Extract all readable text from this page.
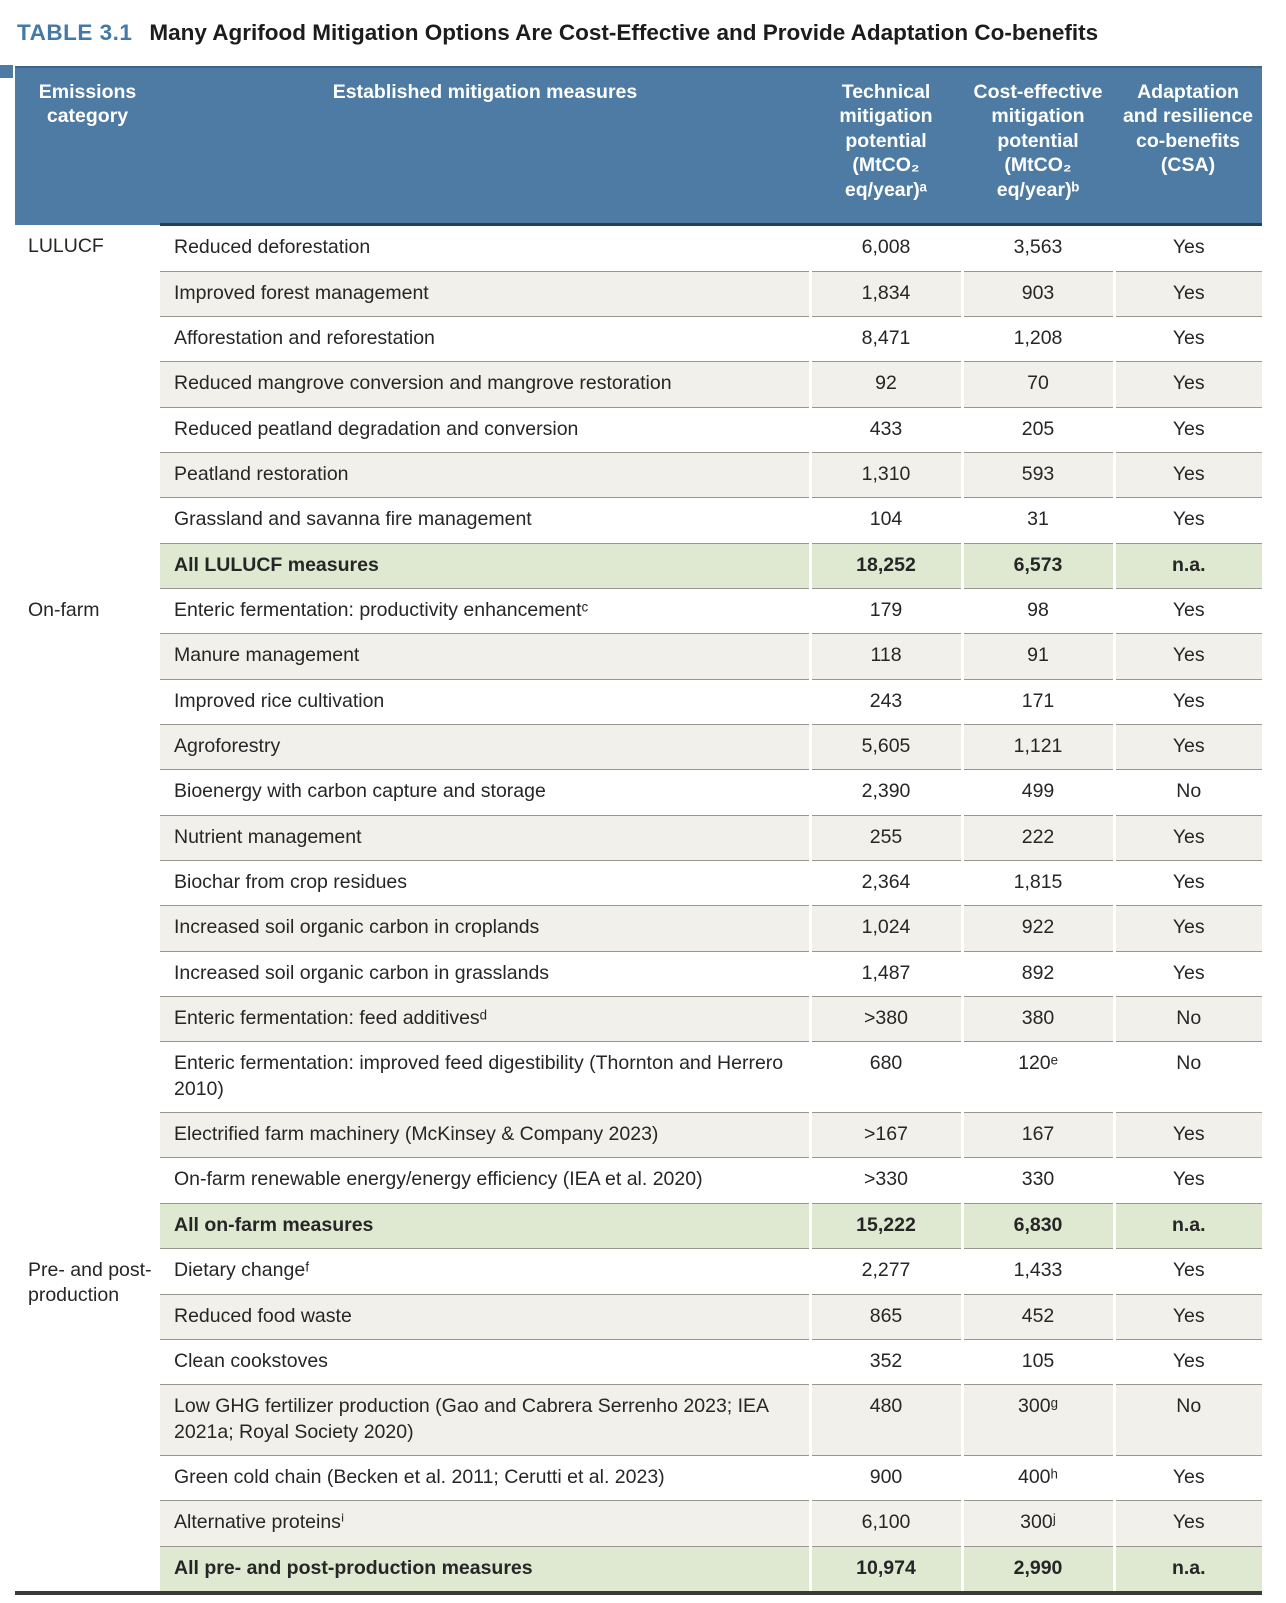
TABLE 3.1 Many Agrifood Mitigation Options Are Cost-Effective and Provide Adaptation Co-benefits
Emissions category	Established mitigation measures	Technical mitigation potential (MtCO₂ eq/year)ᵃ	Cost-effective mitigation potential (MtCO₂ eq/year)ᵇ	Adaptation and resilience co-benefits (CSA)
LULUCF	Reduced deforestation	6,008	3,563	Yes
	Improved forest management	1,834	903	Yes
	Afforestation and reforestation	8,471	1,208	Yes
	Reduced mangrove conversion and mangrove restoration	92	70	Yes
	Reduced peatland degradation and conversion	433	205	Yes
	Peatland restoration	1,310	593	Yes
	Grassland and savanna fire management	104	31	Yes
	All LULUCF measures	18,252	6,573	n.a.
On-farm	Enteric fermentation: productivity enhancementᶜ	179	98	Yes
	Manure management	118	91	Yes
	Improved rice cultivation	243	171	Yes
	Agroforestry	5,605	1,121	Yes
	Bioenergy with carbon capture and storage	2,390	499	No
	Nutrient management	255	222	Yes
	Biochar from crop residues	2,364	1,815	Yes
	Increased soil organic carbon in croplands	1,024	922	Yes
	Increased soil organic carbon in grasslands	1,487	892	Yes
	Enteric fermentation: feed additivesᵈ	>380	380	No
	Enteric fermentation: improved feed digestibility (Thornton and Herrero 2010)	680	120ᵉ	No
	Electrified farm machinery (McKinsey & Company 2023)	>167	167	Yes
	On-farm renewable energy/energy efficiency (IEA et al. 2020)	>330	330	Yes
	All on-farm measures	15,222	6,830	n.a.
Pre- and post-production	Dietary changeᶠ	2,277	1,433	Yes
	Reduced food waste	865	452	Yes
	Clean cookstoves	352	105	Yes
	Low GHG fertilizer production (Gao and Cabrera Serrenho 2023; IEA 2021a; Royal Society 2020)	480	300ᵍ	No
	Green cold chain (Becken et al. 2011; Cerutti et al. 2023)	900	400ʰ	Yes
	Alternative proteinsⁱ	6,100	300ʲ	Yes
	All pre- and post-production measures	10,974	2,990	n.a.
